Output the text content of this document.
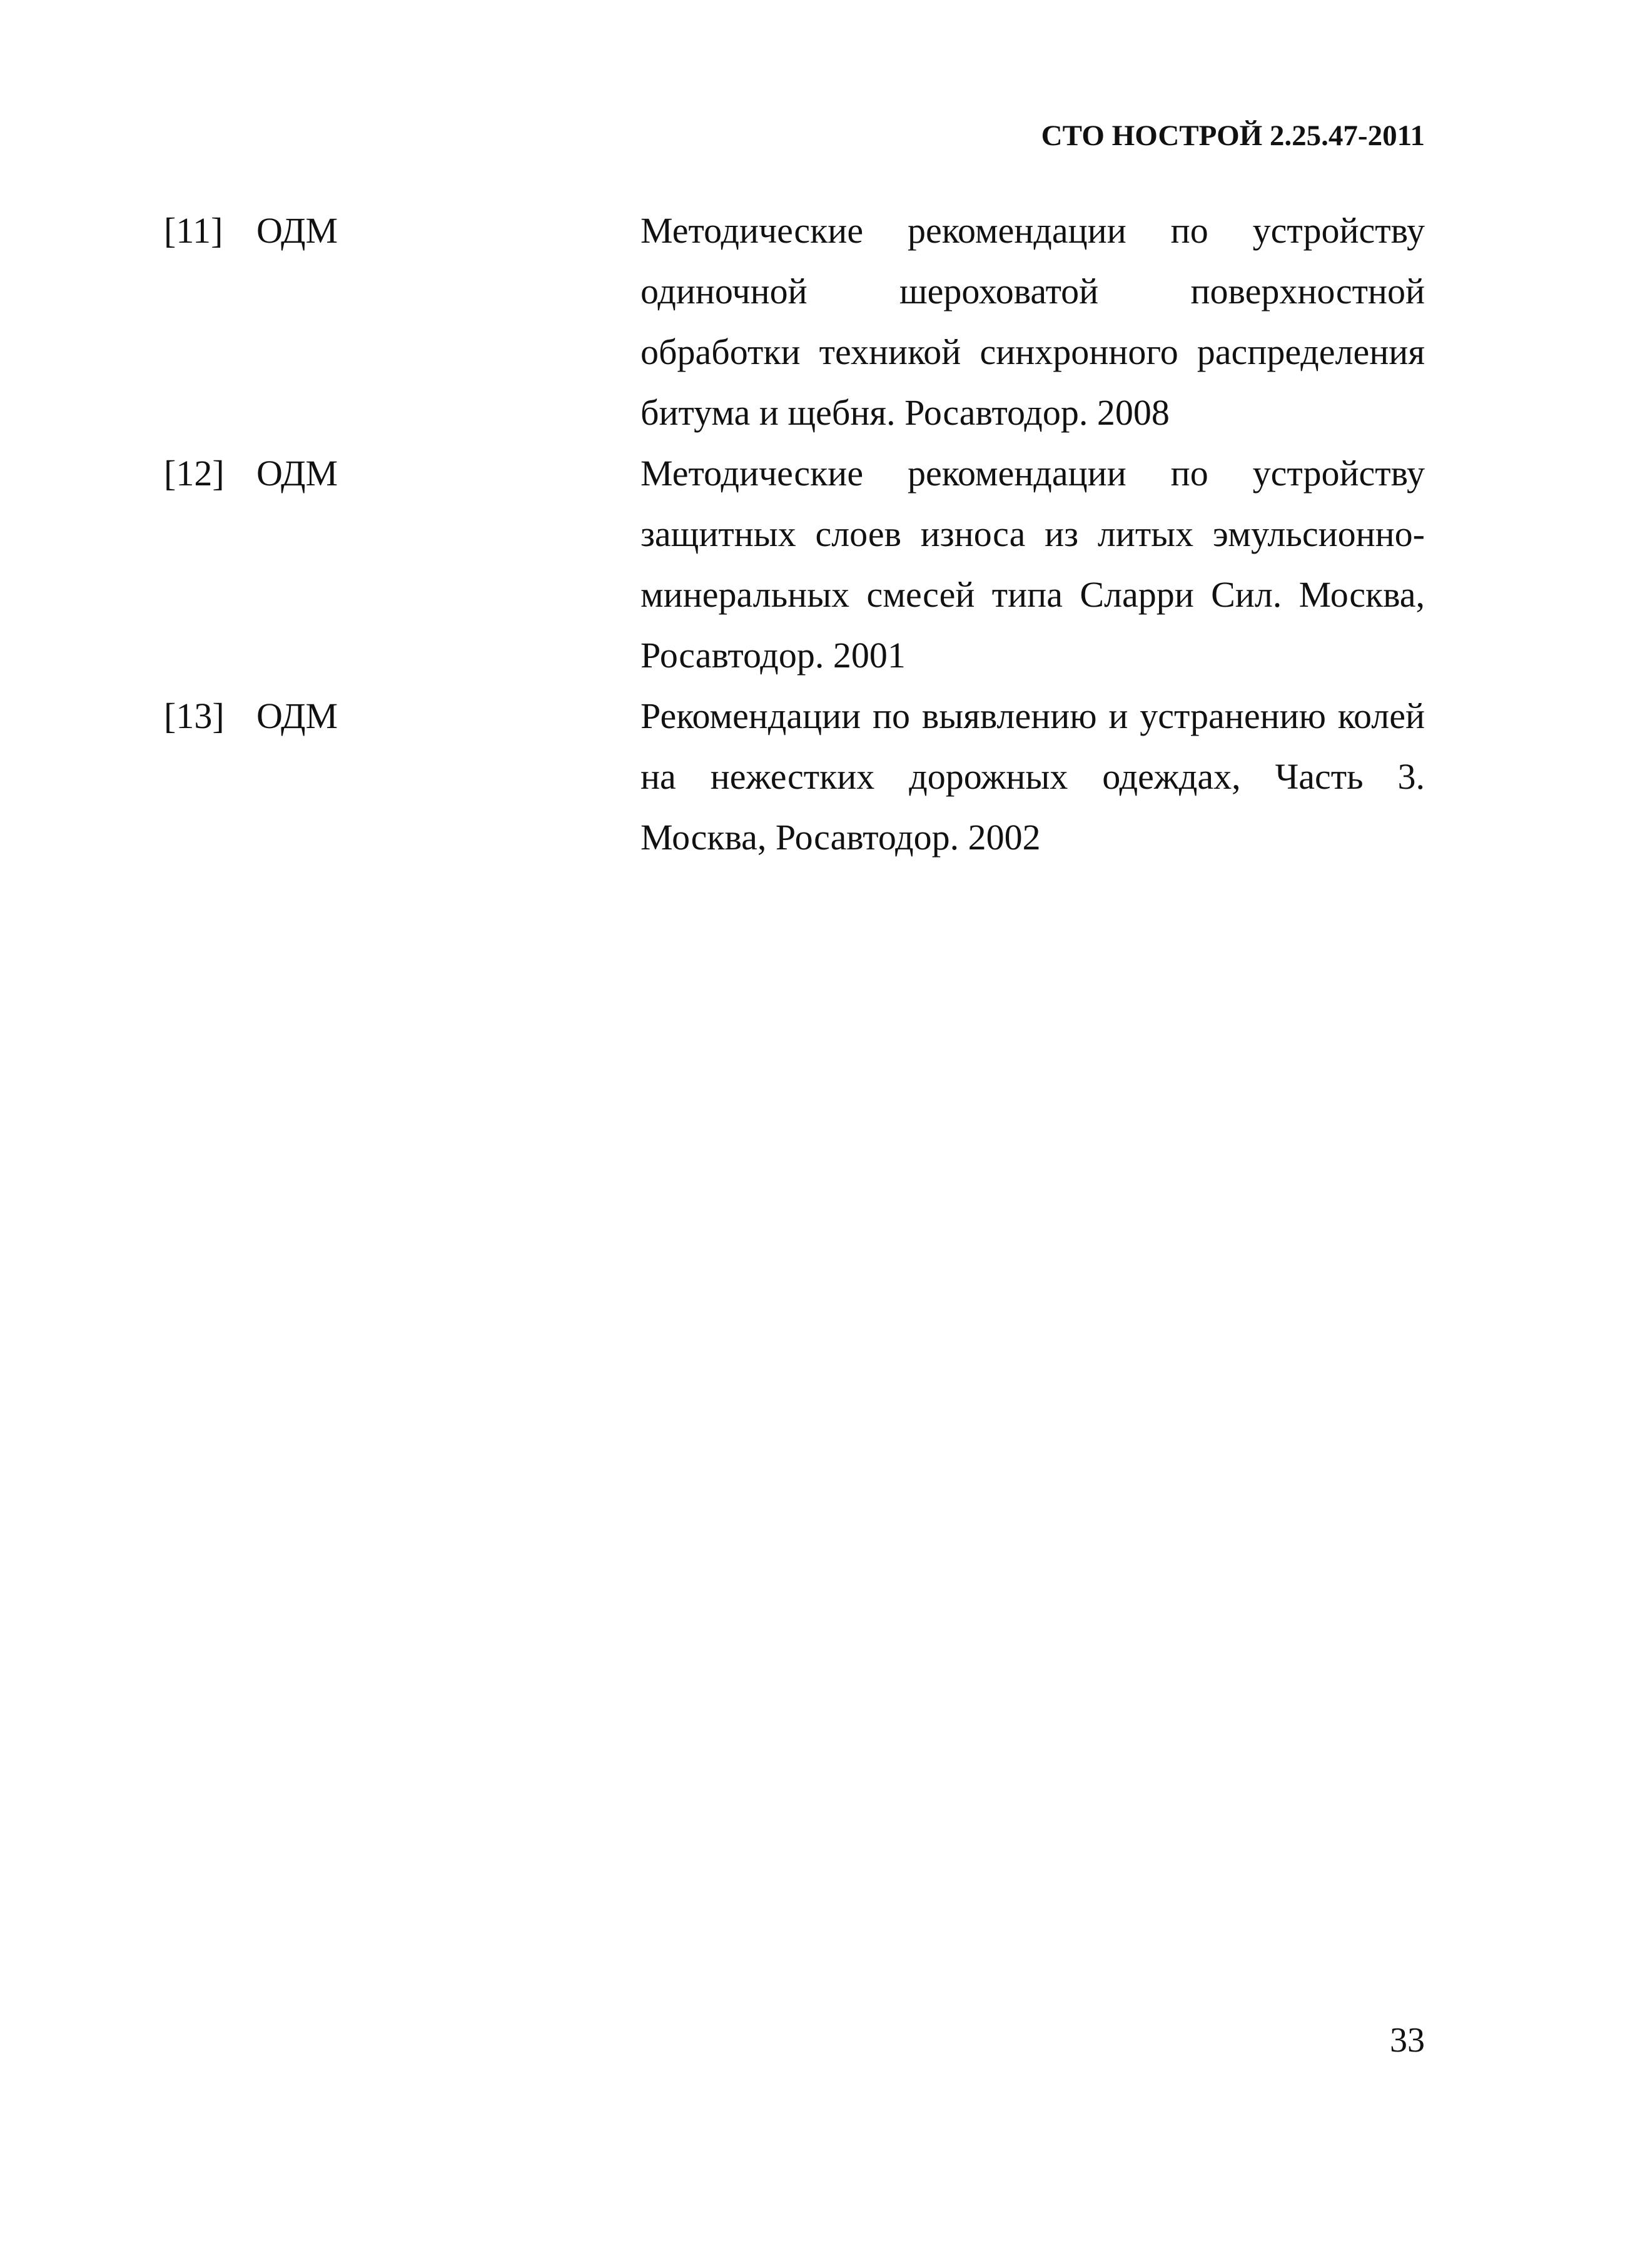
СТО НОСТРОЙ 2.25.47-2011
[11] ОДМ	Методические рекомендации по устройству одиночной шероховатой поверхностной обработки техникой синхронного распределения битума и щебня. Росавтодор. 2008
[12] ОДМ	Методические рекомендации по устройству защитных слоев износа из литых эмульсионно-минеральных смесей типа Сларри Сил. Москва, Росавтодор. 2001
[13] ОДМ	Рекомендации по выявлению и устранению колей на нежестких дорожных одеждах, Часть 3. Москва, Росавтодор. 2002
33
